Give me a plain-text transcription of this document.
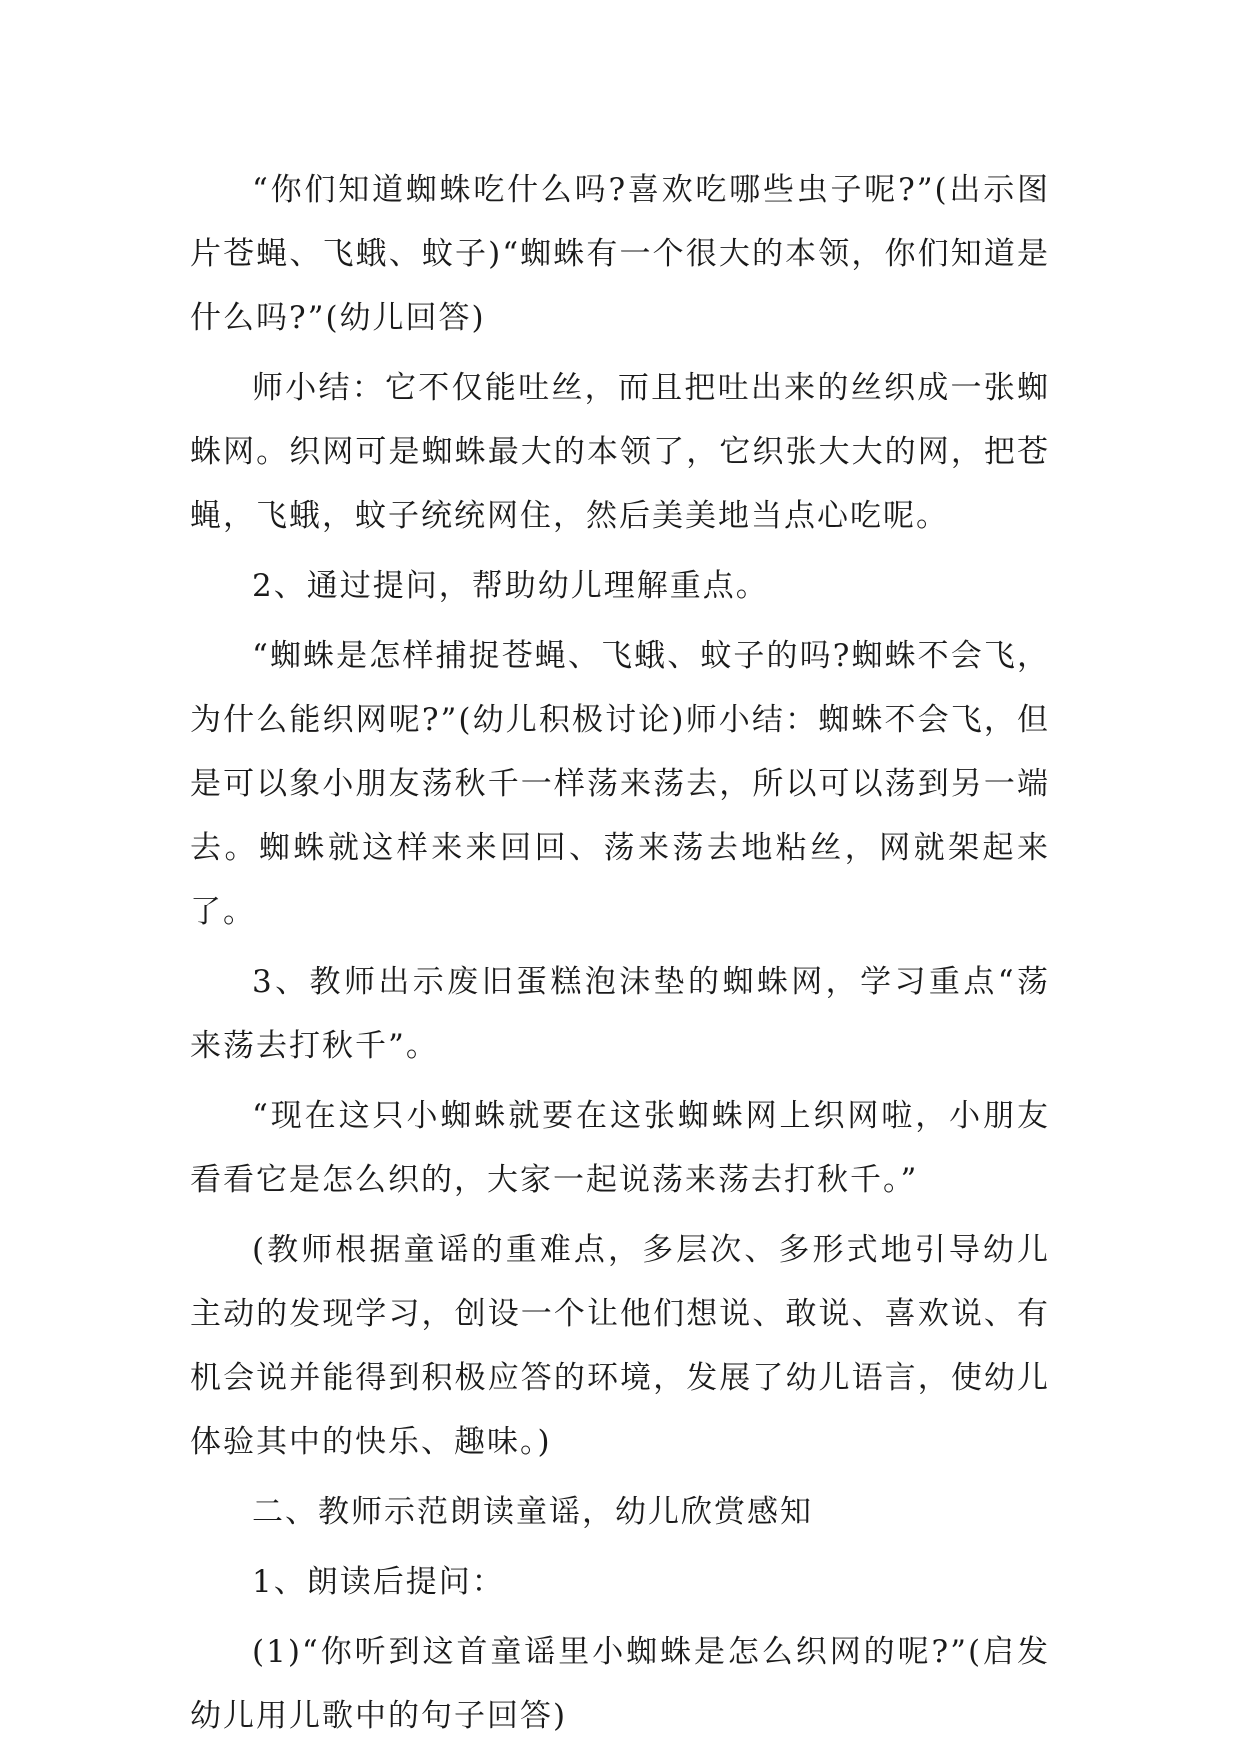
“你们知道蜘蛛吃什么吗?喜欢吃哪些虫子呢?”(出示图片苍蝇、飞蛾、蚊子)“蜘蛛有一个很大的本领，你们知道是什么吗?”(幼儿回答)

师小结：它不仅能吐丝，而且把吐出来的丝织成一张蜘蛛网。织网可是蜘蛛最大的本领了，它织张大大的网，把苍蝇，飞蛾，蚊子统统网住，然后美美地当点心吃呢。

2、通过提问，帮助幼儿理解重点。

“蜘蛛是怎样捕捉苍蝇、飞蛾、蚊子的吗?蜘蛛不会飞，为什么能织网呢?”(幼儿积极讨论)师小结：蜘蛛不会飞，但是可以象小朋友荡秋千一样荡来荡去，所以可以荡到另一端去。蜘蛛就这样来来回回、荡来荡去地粘丝，网就架起来了。

3、教师出示废旧蛋糕泡沫垫的蜘蛛网，学习重点“荡来荡去打秋千”。

“现在这只小蜘蛛就要在这张蜘蛛网上织网啦，小朋友看看它是怎么织的，大家一起说荡来荡去打秋千。”

(教师根据童谣的重难点，多层次、多形式地引导幼儿主动的发现学习，创设一个让他们想说、敢说、喜欢说、有机会说并能得到积极应答的环境，发展了幼儿语言，使幼儿体验其中的快乐、趣味。)

二、教师示范朗读童谣，幼儿欣赏感知

1、朗读后提问：

(1)“你听到这首童谣里小蜘蛛是怎么织网的呢?”(启发幼儿用儿歌中的句子回答)
